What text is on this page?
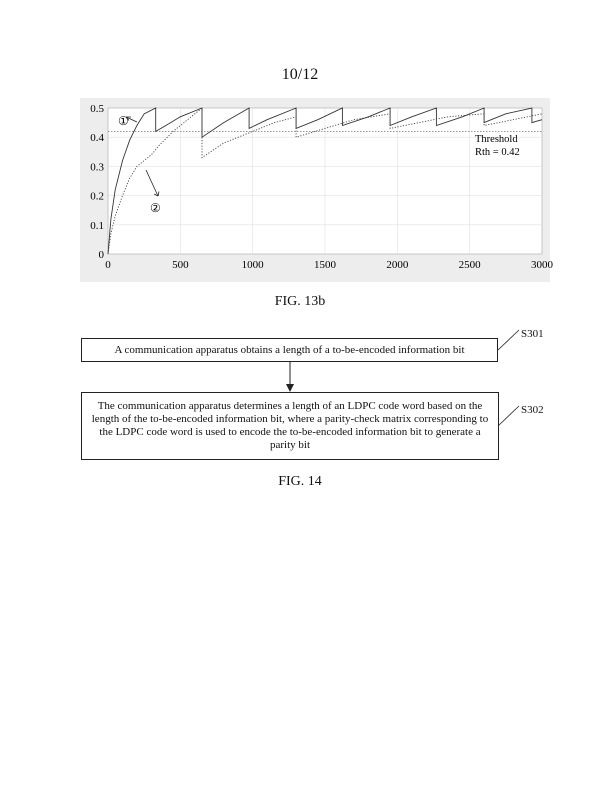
10/12
0	500	1000	1500	2000	2500	3000
0
0.1
0.2
0.3
0.4
0.5
①
②
Threshold
Rth = 0.42
FIG. 13b
A communication apparatus obtains a length of a to-be-encoded information bit
S301
The communication apparatus determines a length of an LDPC code word based on the length of the to-be-encoded information bit, where a parity-check matrix corresponding to the LDPC code word is used to encode the to-be-encoded information bit to generate a parity bit
S302
FIG. 14
